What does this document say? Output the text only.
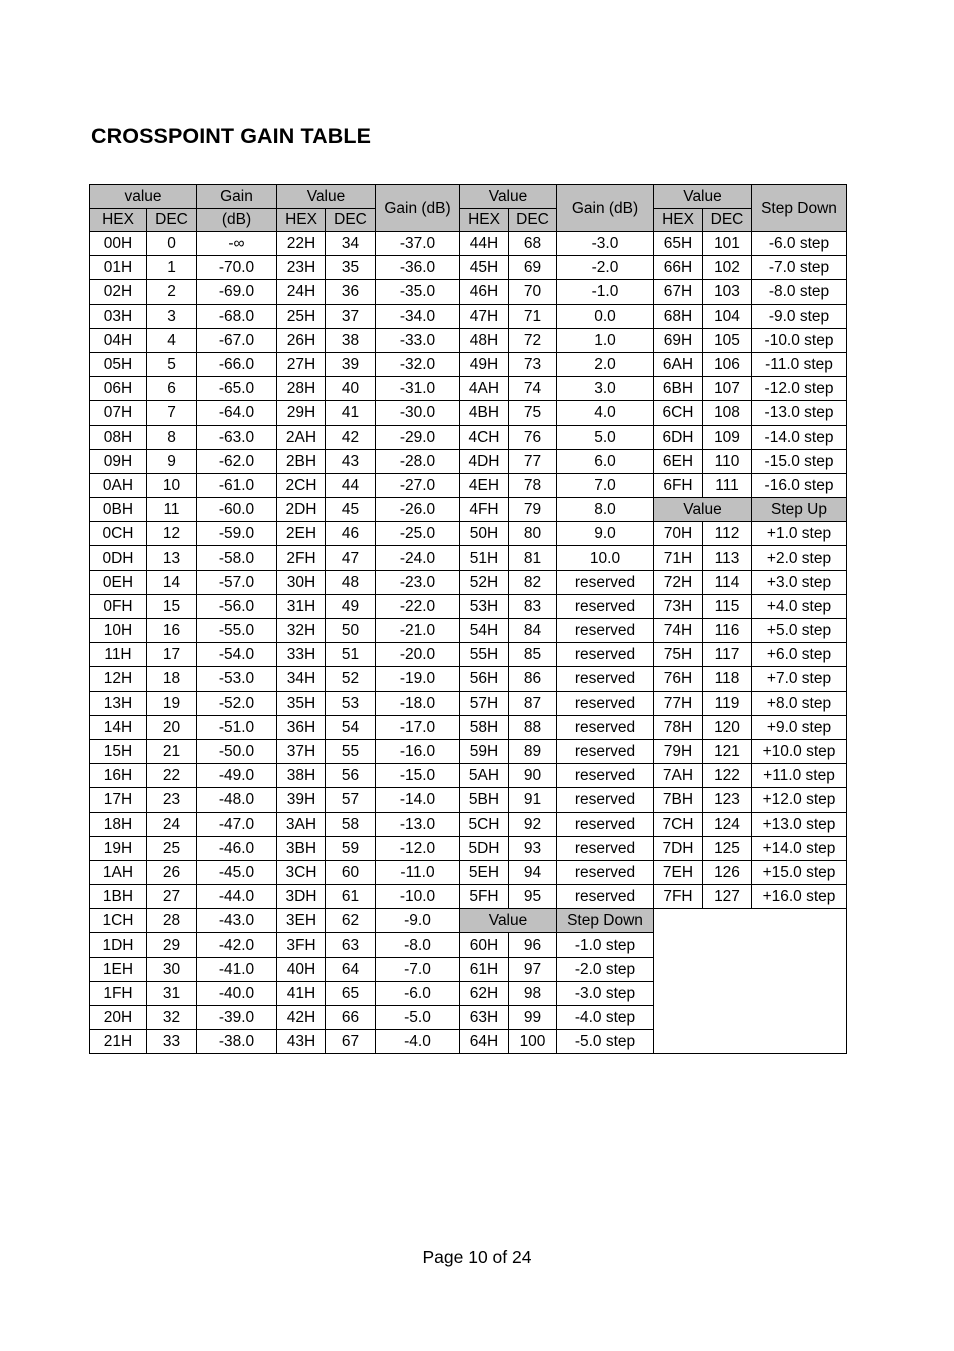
CROSSPOINT GAIN TABLE
value		Gain	Value		Gain (dB)	Value		Gain (dB)	Value		Step Down
HEX	DEC	(dB)	HEX	DEC		HEX	DEC		HEX	DEC	
00H	0	-∞	22H	34	-37.0	44H	68	-3.0	65H	101	-6.0 step
01H	1	-70.0	23H	35	-36.0	45H	69	-2.0	66H	102	-7.0 step
02H	2	-69.0	24H	36	-35.0	46H	70	-1.0	67H	103	-8.0 step
03H	3	-68.0	25H	37	-34.0	47H	71	0.0	68H	104	-9.0 step
04H	4	-67.0	26H	38	-33.0	48H	72	1.0	69H	105	-10.0 step
05H	5	-66.0	27H	39	-32.0	49H	73	2.0	6AH	106	-11.0 step
06H	6	-65.0	28H	40	-31.0	4AH	74	3.0	6BH	107	-12.0 step
07H	7	-64.0	29H	41	-30.0	4BH	75	4.0	6CH	108	-13.0 step
08H	8	-63.0	2AH	42	-29.0	4CH	76	5.0	6DH	109	-14.0 step
09H	9	-62.0	2BH	43	-28.0	4DH	77	6.0	6EH	110	-15.0 step
0AH	10	-61.0	2CH	44	-27.0	4EH	78	7.0	6FH	111	-16.0 step
0BH	11	-60.0	2DH	45	-26.0	4FH	79	8.0	Value		Step Up
0CH	12	-59.0	2EH	46	-25.0	50H	80	9.0	70H	112	+1.0 step
0DH	13	-58.0	2FH	47	-24.0	51H	81	10.0	71H	113	+2.0 step
0EH	14	-57.0	30H	48	-23.0	52H	82	reserved	72H	114	+3.0 step
0FH	15	-56.0	31H	49	-22.0	53H	83	reserved	73H	115	+4.0 step
10H	16	-55.0	32H	50	-21.0	54H	84	reserved	74H	116	+5.0 step
11H	17	-54.0	33H	51	-20.0	55H	85	reserved	75H	117	+6.0 step
12H	18	-53.0	34H	52	-19.0	56H	86	reserved	76H	118	+7.0 step
13H	19	-52.0	35H	53	-18.0	57H	87	reserved	77H	119	+8.0 step
14H	20	-51.0	36H	54	-17.0	58H	88	reserved	78H	120	+9.0 step
15H	21	-50.0	37H	55	-16.0	59H	89	reserved	79H	121	+10.0 step
16H	22	-49.0	38H	56	-15.0	5AH	90	reserved	7AH	122	+11.0 step
17H	23	-48.0	39H	57	-14.0	5BH	91	reserved	7BH	123	+12.0 step
18H	24	-47.0	3AH	58	-13.0	5CH	92	reserved	7CH	124	+13.0 step
19H	25	-46.0	3BH	59	-12.0	5DH	93	reserved	7DH	125	+14.0 step
1AH	26	-45.0	3CH	60	-11.0	5EH	94	reserved	7EH	126	+15.0 step
1BH	27	-44.0	3DH	61	-10.0	5FH	95	reserved	7FH	127	+16.0 step
1CH	28	-43.0	3EH	62	-9.0	Value		Step Down			
1DH	29	-42.0	3FH	63	-8.0	60H	96	-1.0 step			
1EH	30	-41.0	40H	64	-7.0	61H	97	-2.0 step			
1FH	31	-40.0	41H	65	-6.0	62H	98	-3.0 step			
20H	32	-39.0	42H	66	-5.0	63H	99	-4.0 step			
21H	33	-38.0	43H	67	-4.0	64H	100	-5.0 step			
Page 10 of 24
